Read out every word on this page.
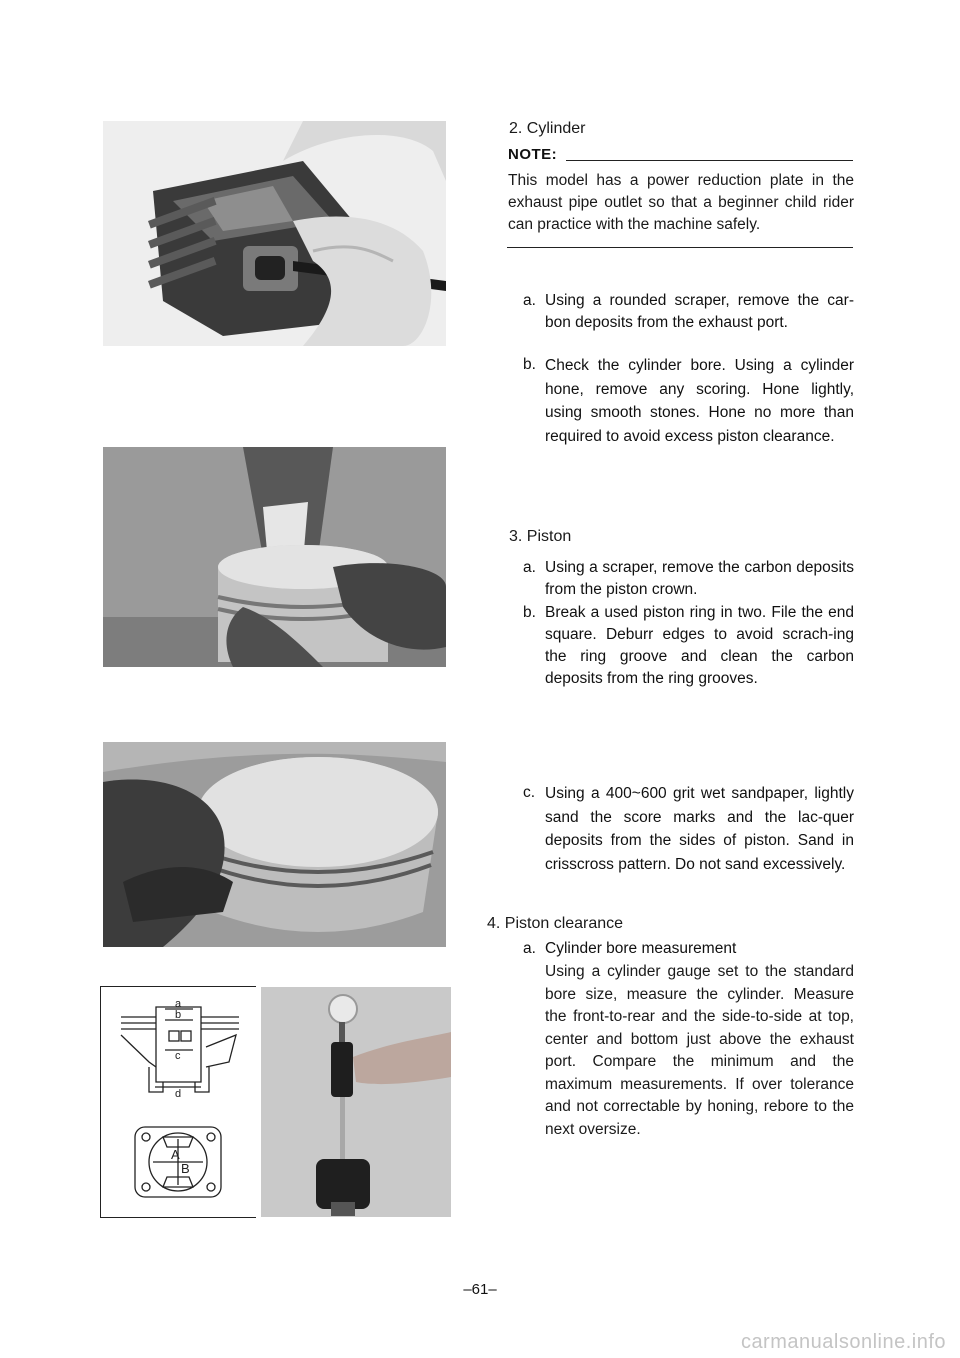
a
b
c
d
A
B
2. Cylinder
NOTE:
This model has a power reduction plate in the exhaust pipe outlet so that a beginner child rider can practice with the machine safely.
a. Using a rounded scraper, remove the car-bon deposits from the exhaust port.
b. Check the cylinder bore. Using a cylinder hone, remove any scoring. Hone lightly, using smooth stones. Hone no more than required to avoid excess piston clearance.
3. Piston
a. Using a scraper, remove the carbon deposits from the piston crown.
b. Break a used piston ring in two. File the end square. Deburr edges to avoid scrach-ing the ring groove and clean the carbon deposits from the ring grooves.
c. Using a 400~600 grit wet sandpaper, lightly sand the score marks and the lac-quer deposits from the sides of piston. Sand in crisscross pattern. Do not sand excessively.
4. Piston clearance
a. Cylinder bore measurement
Using a cylinder gauge set to the standard bore size, measure the cylinder. Measure the front-to-rear and the side-to-side at top, center and bottom just above the exhaust port. Compare the minimum and the maximum measurements. If over tolerance and not correctable by honing, rebore to the next oversize.
–61–
carmanualsonline.info
